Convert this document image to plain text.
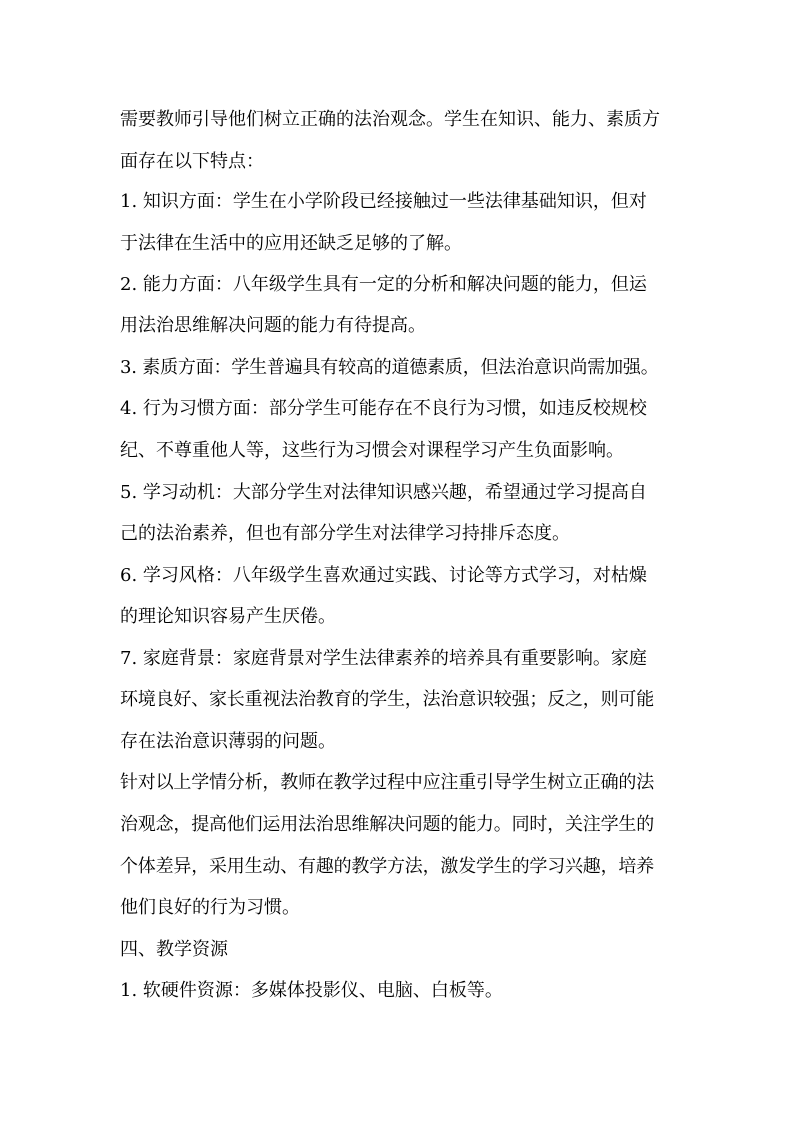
需要教师引导他们树立正确的法治观念。学生在知识、能力、素质方
面存在以下特点：
1. 知识方面：学生在小学阶段已经接触过一些法律基础知识，但对
于法律在生活中的应用还缺乏足够的了解。
2. 能力方面：八年级学生具有一定的分析和解决问题的能力，但运
用法治思维解决问题的能力有待提高。
3. 素质方面：学生普遍具有较高的道德素质，但法治意识尚需加强。
4. 行为习惯方面：部分学生可能存在不良行为习惯，如违反校规校
纪、不尊重他人等，这些行为习惯会对课程学习产生负面影响。
5. 学习动机：大部分学生对法律知识感兴趣，希望通过学习提高自
己的法治素养，但也有部分学生对法律学习持排斥态度。
6. 学习风格：八年级学生喜欢通过实践、讨论等方式学习，对枯燥
的理论知识容易产生厌倦。
7. 家庭背景：家庭背景对学生法律素养的培养具有重要影响。家庭
环境良好、家长重视法治教育的学生，法治意识较强；反之，则可能
存在法治意识薄弱的问题。
针对以上学情分析，教师在教学过程中应注重引导学生树立正确的法
治观念，提高他们运用法治思维解决问题的能力。同时，关注学生的
个体差异，采用生动、有趣的教学方法，激发学生的学习兴趣，培养
他们良好的行为习惯。
四、教学资源
1. 软硬件资源：多媒体投影仪、电脑、白板等。
